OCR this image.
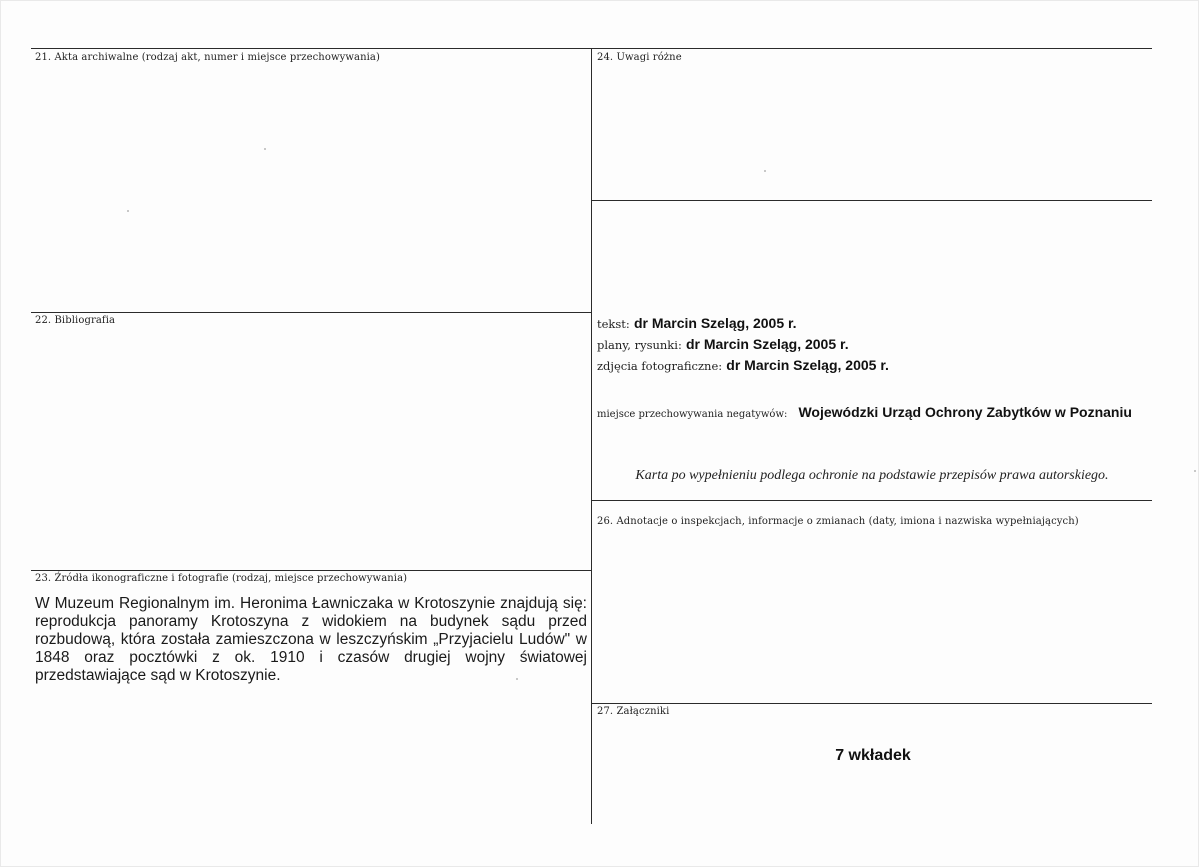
21. Akta archiwalne (rodzaj akt, numer i miejsce przechowywania)
22. Bibliografia
23. Źródła ikonograficzne i fotografie (rodzaj, miejsce przechowywania)
W Muzeum Regionalnym im. Heronima Ławniczaka w Krotoszynie znajdują się: reprodukcja panoramy Krotoszyna z widokiem na budynek sądu przed rozbudową, która została zamieszczona w leszczyńskim „Przyjacielu Ludów" w 1848 oraz pocztówki z ok. 1910 i czasów drugiej wojny światowej przedstawiające sąd w Krotoszynie.
24. Uwagi różne
tekst: dr Marcin Szeląg, 2005 r.
plany, rysunki: dr Marcin Szeląg, 2005 r.
zdjęcia fotograficzne: dr Marcin Szeląg, 2005 r.
miejsce przechowywania negatywów: Wojewódzki Urząd Ochrony Zabytków w Poznaniu
Karta po wypełnieniu podlega ochronie na podstawie przepisów prawa autorskiego.
26. Adnotacje o inspekcjach, informacje o zmianach (daty, imiona i nazwiska wypełniających)
27. Załączniki
7 wkładek
